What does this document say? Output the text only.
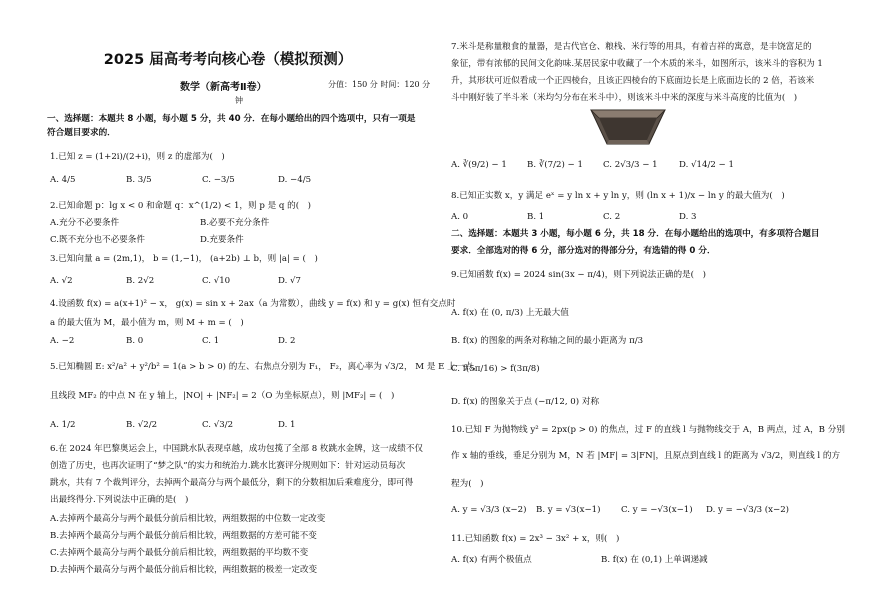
2025 届高考考向核心卷（模拟预测）
数学（新高考Ⅱ卷）	分值：150 分 时间：120 分
钟
一、选择题：本题共 8 小题，每小题 5 分，共 40 分．在每小题给出的四个选项中，只有一项是
符合题目要求的．
1.已知 z = (1+2i)/(2+i)，则 z 的虚部为(　)
A. 4/5	B. 3/5	C. −3/5	D. −4/5
2.已知命题 p：lg x < 0 和命题 q：x^(1/2) < 1，则 p 是 q 的(　)
A.充分不必要条件	B.必要不充分条件
C.既不充分也不必要条件	D.充要条件
3.已知向量 a = (2m,1)， b = (1,−1)， (a+2b) ⊥ b，则 |a| = (　)
A. √2	B. 2√2	C. √10	D. √7
4.设函数 f(x) = a(x+1)² − x， g(x) = sin x + 2ax（a 为常数），曲线 y = f(x) 和 y = g(x) 恒有交点时
a 的最大值为 M，最小值为 m，则 M + m = (　)
A. −2	B. 0	C. 1	D. 2
5.已知椭圆 E: x²/a² + y²/b² = 1(a > b > 0) 的左、右焦点分别为 F₁， F₂，离心率为 √3/2， M 是 E 上一点，
且线段 MF₂ 的中点 N 在 y 轴上，|NO| + |NF₂| = 2（O 为坐标原点），则 |MF₂| = (　)
A. 1/2	B. √2/2	C. √3/2	D. 1
6.在 2024 年巴黎奥运会上，中国跳水队表现卓越，成功包揽了全部 8 枚跳水金牌，这一成绩不仅
创造了历史，也再次证明了“梦之队”的实力和统治力.跳水比赛评分规则如下：针对运动员每次
跳水，共有 7 个裁判评分，去掉两个最高分与两个最低分，剩下的分数相加后乘难度分，即可得
出最终得分.下列说法中正确的是(　)
A.去掉两个最高分与两个最低分前后相比较，两组数据的中位数一定改变
B.去掉两个最高分与两个最低分前后相比较，两组数据的方差可能不变
C.去掉两个最高分与两个最低分前后相比较，两组数据的平均数不变
D.去掉两个最高分与两个最低分前后相比较，两组数据的极差一定改变
7.米斗是称量粮食的量器，是古代官仓、粮栈、米行等的用具，有着吉祥的寓意，是丰饶富足的
象征，带有浓郁的民间文化韵味.某居民家中收藏了一个木质的米斗，如图所示，该米斗的容积为 1
升，其形状可近似看成一个正四棱台，且该正四棱台的下底面边长是上底面边长的 2 倍，若该米
斗中刚好装了半斗米（米均匀分布在米斗中），则该米斗中米的深度与米斗高度的比值为(　)
A. ∛(9/2) − 1	B. ∛(7/2) − 1	C. 2√3/3 − 1	D. √14/2 − 1
8.已知正实数 x，y 满足 eˣ = y ln x + y ln y，则 (ln x + 1)/x − ln y 的最大值为(　)
A. 0	B. 1	C. 2	D. 3
二、选择题：本题共 3 小题，每小题 6 分，共 18 分．在每小题给出的选项中，有多项符合题目
要求．全部选对的得 6 分，部分选对的得部分分，有选错的得 0 分．
9.已知函数 f(x) = 2024 sin(3x − π/4)，则下列说法正确的是(　)
A. f(x) 在 (0, π/3) 上无最大值
B. f(x) 的图象的两条对称轴之间的最小距离为 π/3
C. f(5π/16) > f(3π/8)
D. f(x) 的图象关于点 (−π/12, 0) 对称
10.已知 F 为抛物线 y² = 2px(p > 0) 的焦点，过 F 的直线 l 与抛物线交于 A，B 两点，过 A，B 分别
作 x 轴的垂线，垂足分别为 M，N 若 |MF| = 3|FN|，且原点到直线 l 的距离为 √3/2，则直线 l 的方
程为(　)
A. y = √3/3 (x−2)	B. y = √3(x−1)	C. y = −√3(x−1)	D. y = −√3/3 (x−2)
11.已知函数 f(x) = 2x³ − 3x² + x，则(　)
A. f(x) 有两个极值点	B. f(x) 在 (0,1) 上单调递减
